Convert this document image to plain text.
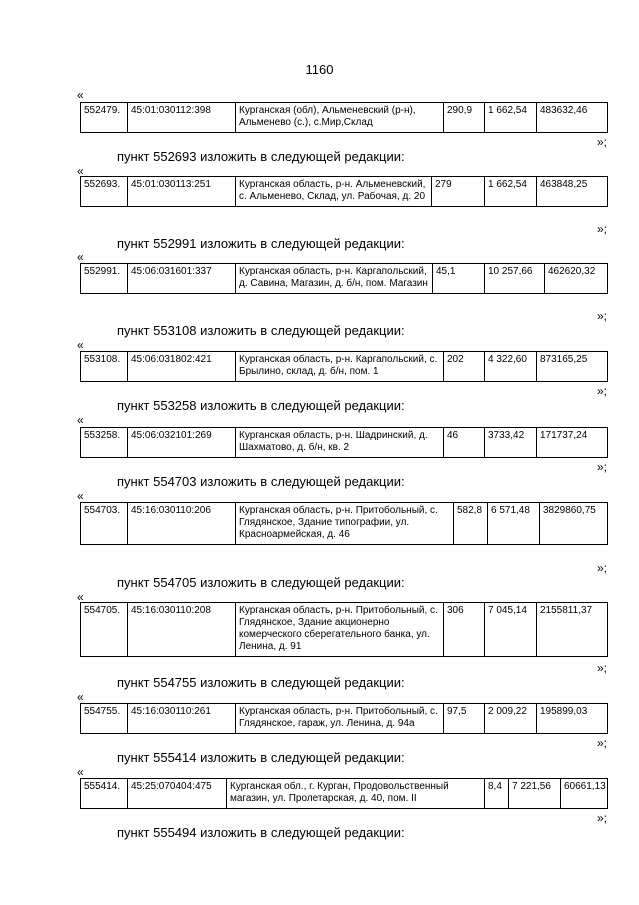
1160
«
552479.	45:01:030112:398	Курганская (обл), Альменевский (р-н), Альменево (с.), с.Мир,Склад	290,9	1 662,54	483632,46
»;
пункт 552693 изложить в следующей редакции:
«
552693.	45:01:030113:251	Курганская область, р-н. Альменевский, с. Альменево, Склад, ул. Рабочая, д. 20	279	1 662,54	463848,25
»;
пункт 552991 изложить в следующей редакции:
«
552991.	45:06:031601:337	Курганская область, р-н. Каргапольский, д. Савина, Магазин, д. б/н, пом. Магазин	45,1	10 257,66	462620,32
»;
пункт 553108 изложить в следующей редакции:
«
553108.	45:06:031802:421	Курганская область, р-н. Каргапольский, с. Брылино, склад, д. б/н, пом. 1	202	4 322,60	873165,25
»;
пункт 553258 изложить в следующей редакции:
«
553258.	45:06:032101:269	Курганская область, р-н. Шадринский, д. Шахматово, д. б/н, кв. 2	46	3733,42	171737,24
»;
пункт 554703 изложить в следующей редакции:
«
554703.	45:16:030110:206	Курганская область, р-н. Притобольный, с. Глядянское, Здание типографии, ул. Красноармейская, д. 46	582,8	6 571,48	3829860,75
»;
пункт 554705 изложить в следующей редакции:
«
554705.	45:16:030110:208	Курганская область, р-н. Притобольный, с. Глядянское, Здание акционерно комерческого сберегательного банка, ул. Ленина, д. 91	306	7 045,14	2155811,37
»;
пункт 554755 изложить в следующей редакции:
«
554755.	45:16:030110:261	Курганская область, р-н. Притобольный, с. Глядянское, гараж, ул. Ленина, д. 94а	97,5	2 009,22	195899,03
»;
пункт 555414 изложить в следующей редакции:
«
555414.	45:25:070404:475	Курганская обл., г. Курган, Продовольственный магазин, ул. Пролетарская, д. 40, пом. II	8,4	7 221,56	60661,13
»;
пункт 555494 изложить в следующей редакции:
